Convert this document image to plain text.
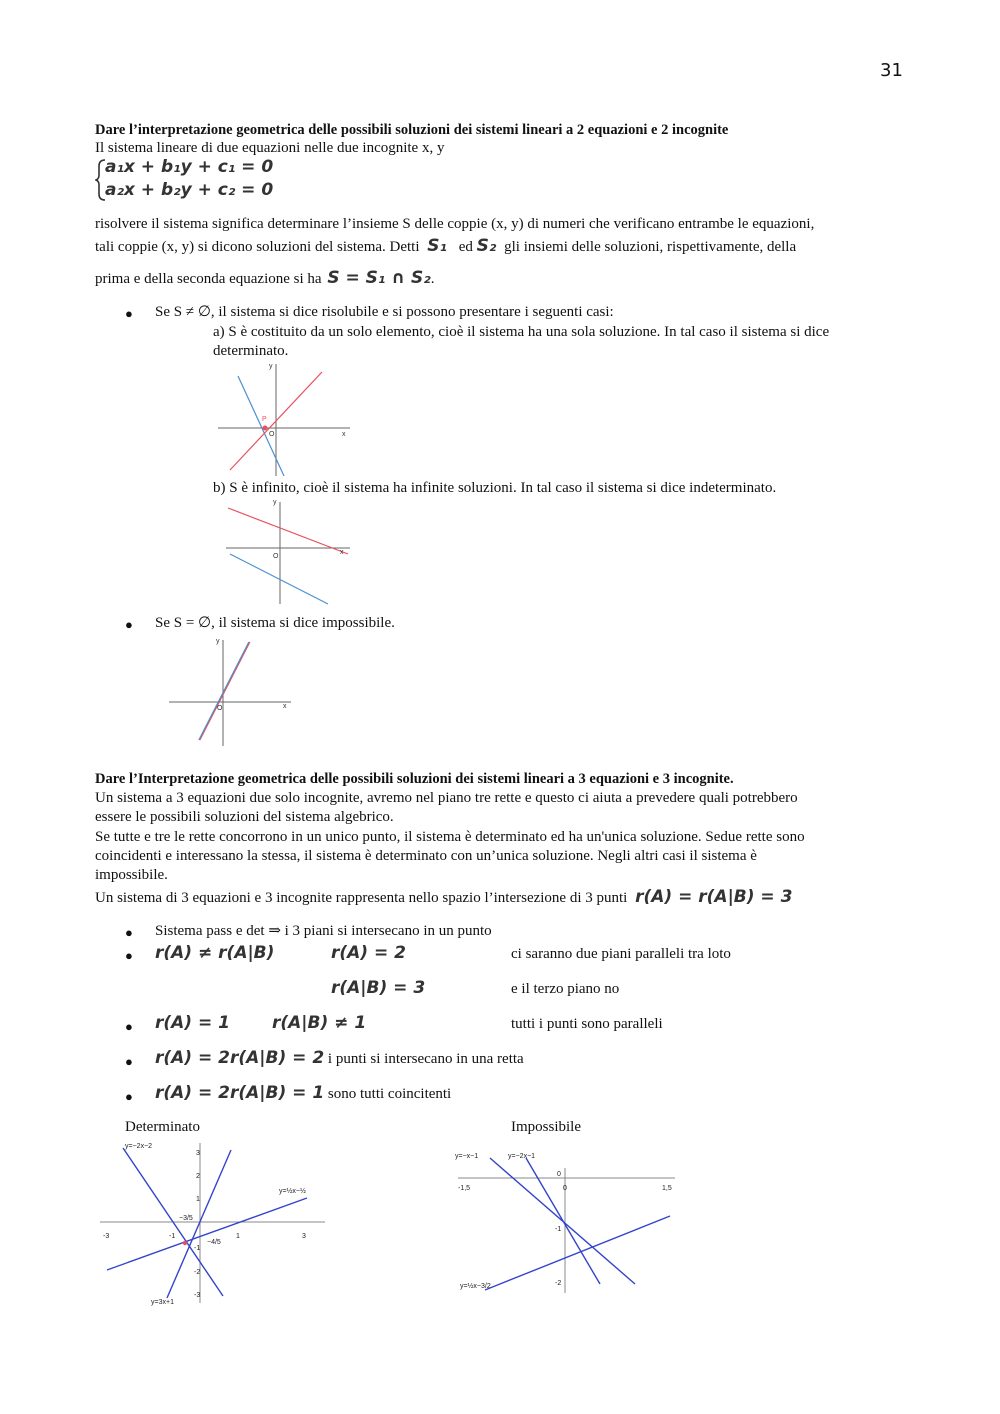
31
Dare l’interpretazione geometrica delle possibili soluzioni dei sistemi lineari a 2 equazioni e 2 incognite
Il sistema lineare di due equazioni nelle due incognite x, y
a₁x + b₁y + c₁ = 0
a₂x + b₂y + c₂ = 0
risolvere il sistema significa determinare l’insieme S delle coppie (x, y) di numeri che verificano entrambe le equazioni,
tali coppie (x, y) si dicono soluzioni del sistema. Detti S₁ ed S₂ gli insiemi delle soluzioni, rispettivamente, della
prima e della seconda equazione si ha S = S₁ ∩ S₂.
● Se S ≠ ∅, il sistema si dice risolubile e si possono presentare i seguenti casi:
a) S è costituito da un solo elemento, cioè il sistema ha una sola soluzione. In tal caso il sistema si dice
determinato.
x
y
O
P
b) S è infinito, cioè il sistema ha infinite soluzioni. In tal caso il sistema si dice indeterminato.
x
y
O
● Se S = ∅, il sistema si dice impossibile.
x
y
O
Dare l’Interpretazione geometrica delle possibili soluzioni dei sistemi lineari a 3 equazioni e 3 incognite.
Un sistema a 3 equazioni due solo incognite, avremo nel piano tre rette e questo ci aiuta a prevedere quali potrebbero
essere le possibili soluzioni del sistema algebrico.
Se tutte e tre le rette concorrono in un unico punto, il sistema è determinato ed ha un'unica soluzione. Sedue rette sono
coincidenti e interessano la stessa, il sistema è determinato con un’unica soluzione. Negli altri casi il sistema è
impossibile.
Un sistema di 3 equazioni e 3 incognite rappresenta nello spazio l’intersezione di 3 punti r(A) = r(A|B) = 3
● Sistema pass e det ⇒ i 3 piani si intersecano in un punto
● r(A) ≠ r(A|B)	r(A) = 2	ci saranno due piani paralleli tra loto
r(A|B) = 3	e il terzo piano no
● r(A) = 1 r(A|B) ≠ 1	tutti i punti sono paralleli
● r(A) = 2r(A|B) = 2 i punti si intersecano in una retta
● r(A) = 2r(A|B) = 1 sono tutti coincitenti
Determinato	Impossibile
y=−2x−2
y=½x−½
y=3x+1
-3	-1	1	3
3
2
1
-1
-2
-3
−3/5
−4/5
y=−x−1	y=−2x−1
y=½x−3/2
-1,5	0	1,5
0
-1
-2
